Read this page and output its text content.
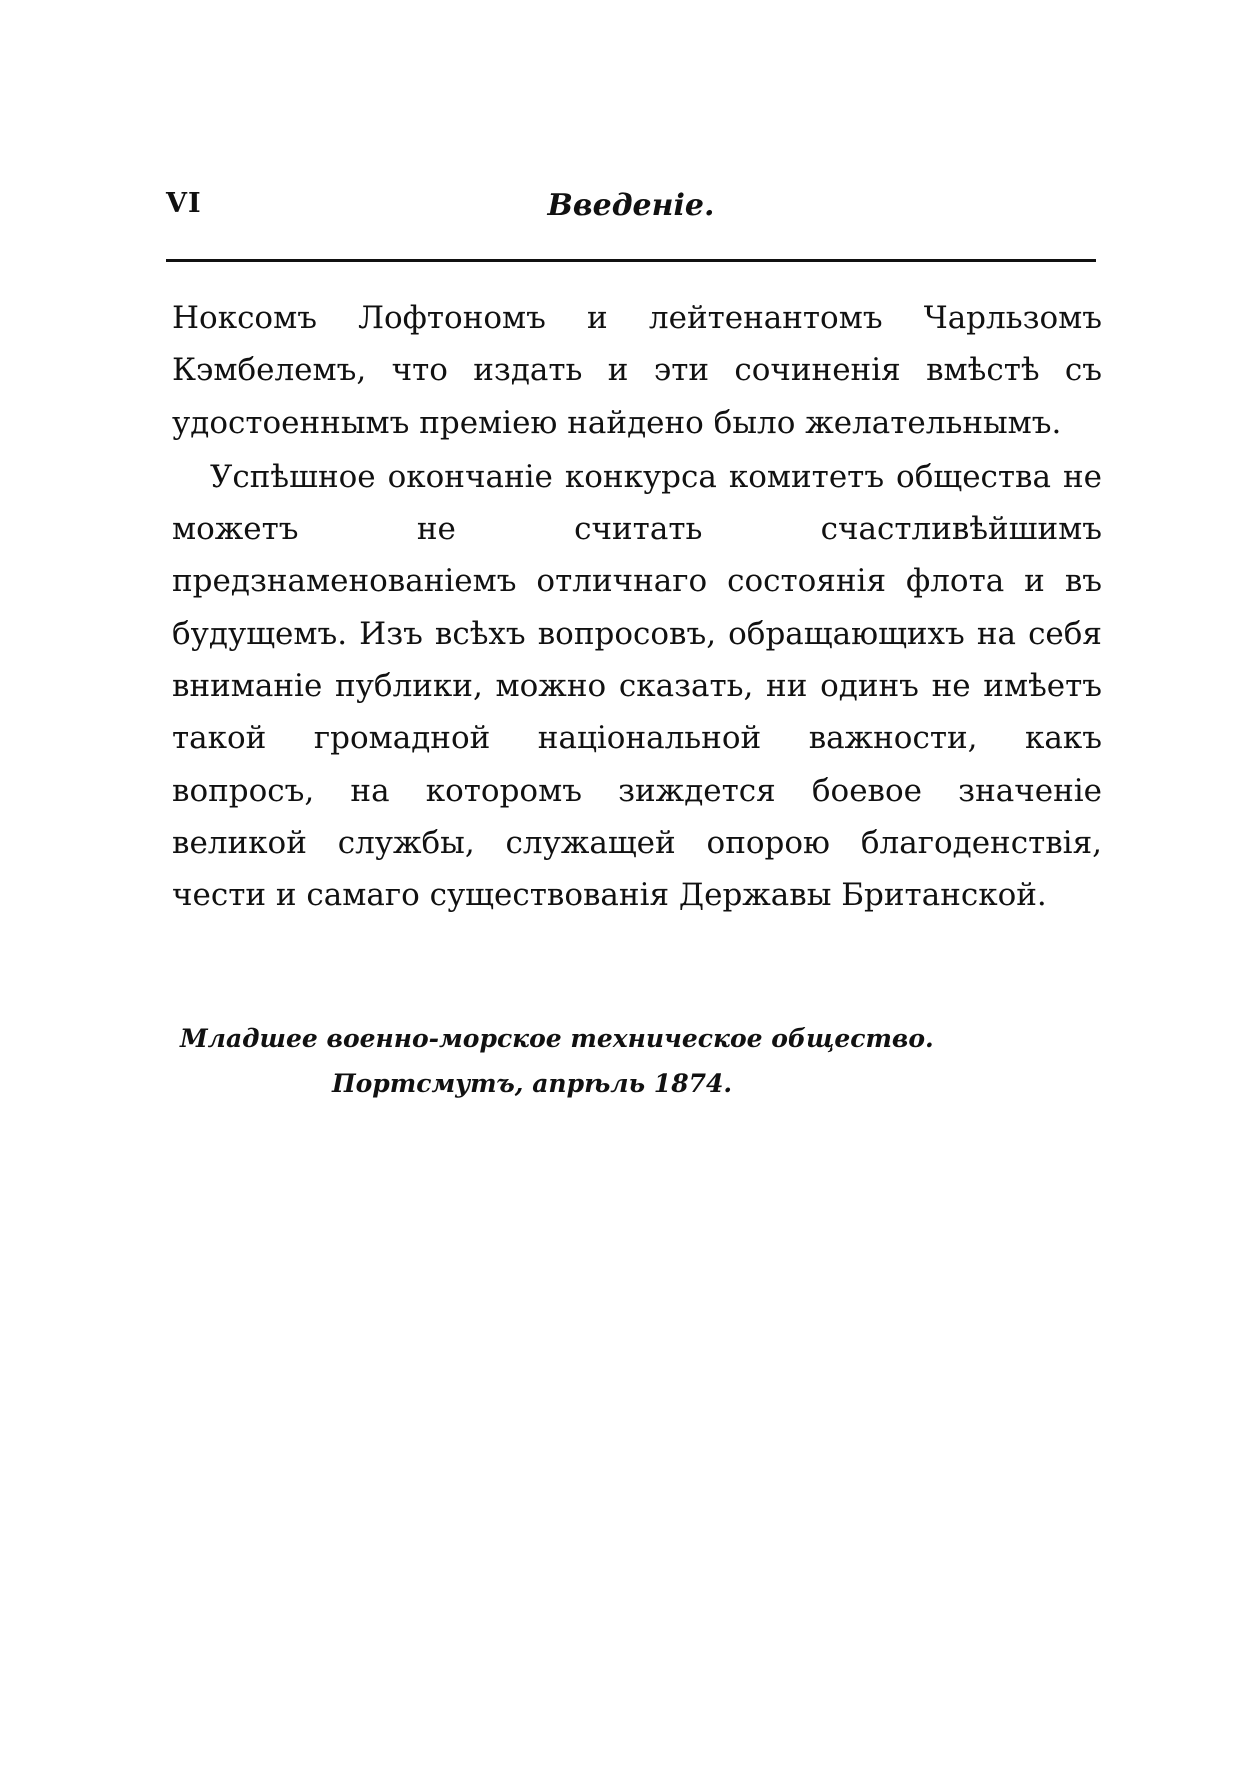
VI	Введеніе.

Ноксомъ Лофтономъ и лейтенантомъ Чарльзомъ Кэмбелемъ, что издать и эти сочиненія вмѣстѣ съ удостоеннымъ преміею найдено было желательнымъ.

Успѣшное окончаніе конкурса комитетъ общества не можетъ не считать счастливѣйшимъ предзнаменованіемъ отличнаго состоянія флота и въ будущемъ. Изъ всѣхъ вопросовъ, обращающихъ на себя вниманіе публики, можно сказать, ни одинъ не имѣетъ такой громадной національной важности, какъ вопросъ, на которомъ зиждется боевое значеніе великой службы, служащей опорою благоденствія, чести и самаго существованія Державы Британской.

Младшее военно-морское техническое общество.
Портсмутъ, апрѣль 1874.
